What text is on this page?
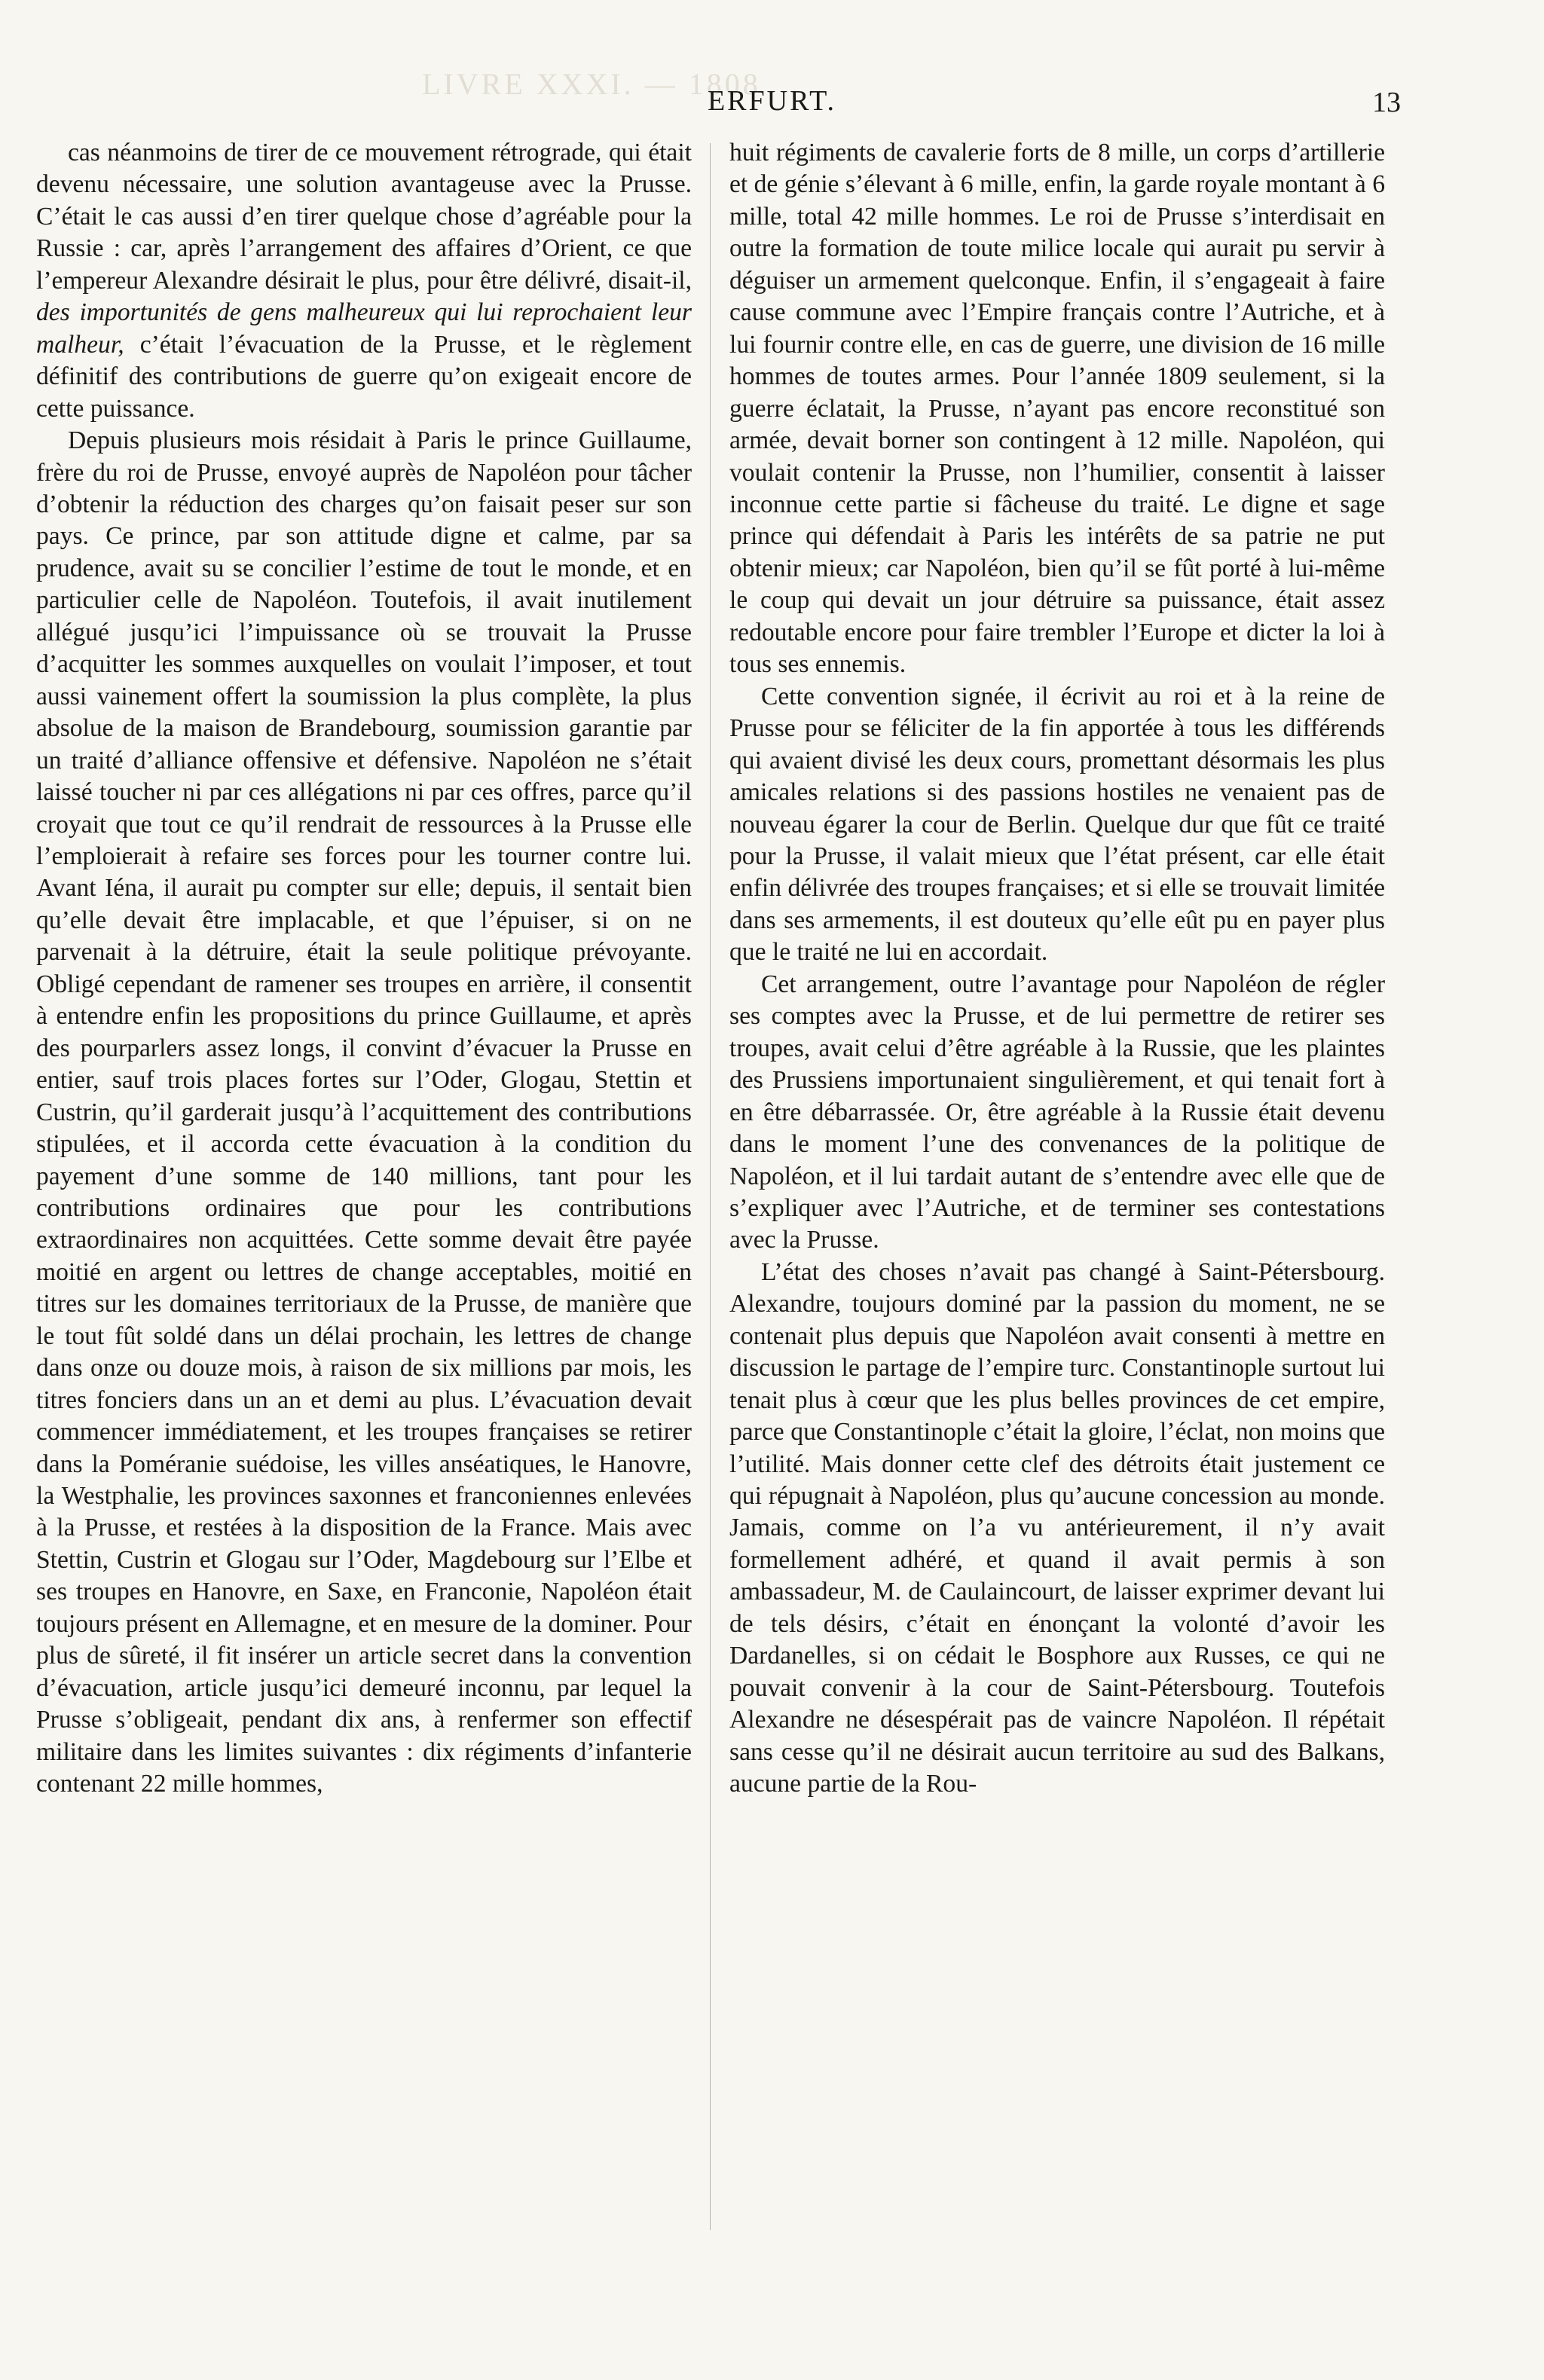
LIVRE XXXI. — 1808
ERFURT.	13

cas néanmoins de tirer de ce mouvement rétrograde, qui était devenu nécessaire, une solution avantageuse avec la Prusse. C’était le cas aussi d’en tirer quelque chose d’agréable pour la Russie : car, après l’arrangement des affaires d’Orient, ce que l’empereur Alexandre désirait le plus, pour être délivré, disait-il, des importunités de gens malheureux qui lui reprochaient leur malheur, c’était l’évacuation de la Prusse, et le règlement définitif des contributions de guerre qu’on exigeait encore de cette puissance.

Depuis plusieurs mois résidait à Paris le prince Guillaume, frère du roi de Prusse, envoyé auprès de Napoléon pour tâcher d’obtenir la réduction des charges qu’on faisait peser sur son pays. Ce prince, par son attitude digne et calme, par sa prudence, avait su se concilier l’estime de tout le monde, et en particulier celle de Napoléon. Toutefois, il avait inutilement allégué jusqu’ici l’impuissance où se trouvait la Prusse d’acquitter les sommes auxquelles on voulait l’imposer, et tout aussi vainement offert la soumission la plus complète, la plus absolue de la maison de Brandebourg, soumission garantie par un traité d’alliance offensive et défensive. Napoléon ne s’était laissé toucher ni par ces allégations ni par ces offres, parce qu’il croyait que tout ce qu’il rendrait de ressources à la Prusse elle l’emploierait à refaire ses forces pour les tourner contre lui. Avant Iéna, il aurait pu compter sur elle; depuis, il sentait bien qu’elle devait être implacable, et que l’épuiser, si on ne parvenait à la détruire, était la seule politique prévoyante. Obligé cependant de ramener ses troupes en arrière, il consentit à entendre enfin les propositions du prince Guillaume, et après des pourparlers assez longs, il convint d’évacuer la Prusse en entier, sauf trois places fortes sur l’Oder, Glogau, Stettin et Custrin, qu’il garderait jusqu’à l’acquittement des contributions stipulées, et il accorda cette évacuation à la condition du payement d’une somme de 140 millions, tant pour les contributions ordinaires que pour les contributions extraordinaires non acquittées. Cette somme devait être payée moitié en argent ou lettres de change acceptables, moitié en titres sur les domaines territoriaux de la Prusse, de manière que le tout fût soldé dans un délai prochain, les lettres de change dans onze ou douze mois, à raison de six millions par mois, les titres fonciers dans un an et demi au plus. L’évacuation devait commencer immédiatement, et les troupes françaises se retirer dans la Poméranie suédoise, les villes anséatiques, le Hanovre, la Westphalie, les provinces saxonnes et franconiennes enlevées à la Prusse, et restées à la disposition de la France. Mais avec Stettin, Custrin et Glogau sur l’Oder, Magdebourg sur l’Elbe et ses troupes en Hanovre, en Saxe, en Franconie, Napoléon était toujours présent en Allemagne, et en mesure de la dominer. Pour plus de sûreté, il fit insérer un article secret dans la convention d’évacuation, article jusqu’ici demeuré inconnu, par lequel la Prusse s’obligeait, pendant dix ans, à renfermer son effectif militaire dans les limites suivantes : dix régiments d’infanterie contenant 22 mille hommes,

huit régiments de cavalerie forts de 8 mille, un corps d’artillerie et de génie s’élevant à 6 mille, enfin, la garde royale montant à 6 mille, total 42 mille hommes. Le roi de Prusse s’interdisait en outre la formation de toute milice locale qui aurait pu servir à déguiser un armement quelconque. Enfin, il s’engageait à faire cause commune avec l’Empire français contre l’Autriche, et à lui fournir contre elle, en cas de guerre, une division de 16 mille hommes de toutes armes. Pour l’année 1809 seulement, si la guerre éclatait, la Prusse, n’ayant pas encore reconstitué son armée, devait borner son contingent à 12 mille. Napoléon, qui voulait contenir la Prusse, non l’humilier, consentit à laisser inconnue cette partie si fâcheuse du traité. Le digne et sage prince qui défendait à Paris les intérêts de sa patrie ne put obtenir mieux; car Napoléon, bien qu’il se fût porté à lui-même le coup qui devait un jour détruire sa puissance, était assez redoutable encore pour faire trembler l’Europe et dicter la loi à tous ses ennemis.

Cette convention signée, il écrivit au roi et à la reine de Prusse pour se féliciter de la fin apportée à tous les différends qui avaient divisé les deux cours, promettant désormais les plus amicales relations si des passions hostiles ne venaient pas de nouveau égarer la cour de Berlin. Quelque dur que fût ce traité pour la Prusse, il valait mieux que l’état présent, car elle était enfin délivrée des troupes françaises; et si elle se trouvait limitée dans ses armements, il est douteux qu’elle eût pu en payer plus que le traité ne lui en accordait.

Cet arrangement, outre l’avantage pour Napoléon de régler ses comptes avec la Prusse, et de lui permettre de retirer ses troupes, avait celui d’être agréable à la Russie, que les plaintes des Prussiens importunaient singulièrement, et qui tenait fort à en être débarrassée. Or, être agréable à la Russie était devenu dans le moment l’une des convenances de la politique de Napoléon, et il lui tardait autant de s’entendre avec elle que de s’expliquer avec l’Autriche, et de terminer ses contestations avec la Prusse.

L’état des choses n’avait pas changé à Saint-Pétersbourg. Alexandre, toujours dominé par la passion du moment, ne se contenait plus depuis que Napoléon avait consenti à mettre en discussion le partage de l’empire turc. Constantinople surtout lui tenait plus à cœur que les plus belles provinces de cet empire, parce que Constantinople c’était la gloire, l’éclat, non moins que l’utilité. Mais donner cette clef des détroits était justement ce qui répugnait à Napoléon, plus qu’aucune concession au monde. Jamais, comme on l’a vu antérieurement, il n’y avait formellement adhéré, et quand il avait permis à son ambassadeur, M. de Caulaincourt, de laisser exprimer devant lui de tels désirs, c’était en énonçant la volonté d’avoir les Dardanelles, si on cédait le Bosphore aux Russes, ce qui ne pouvait convenir à la cour de Saint-Pétersbourg. Toutefois Alexandre ne désespérait pas de vaincre Napoléon. Il répétait sans cesse qu’il ne désirait aucun territoire au sud des Balkans, aucune partie de la Rou-
